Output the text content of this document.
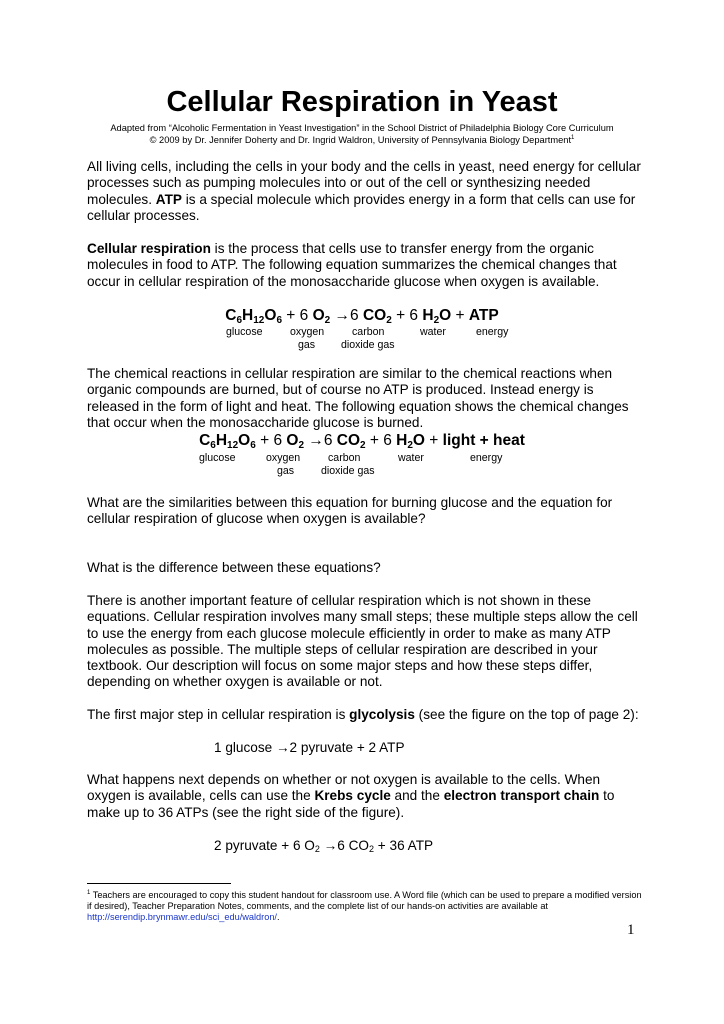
Cellular Respiration in Yeast
Adapted from “Alcoholic Fermentation in Yeast Investigation” in the School District of Philadelphia Biology Core Curriculum
© 2009 by Dr. Jennifer Doherty and Dr. Ingrid Waldron, University of Pennsylvania Biology Department$^1$

All living cells, including the cells in your body and the cells in yeast, need energy for cellular processes such as pumping molecules into or out of the cell or synthesizing needed molecules. ATP is a special molecule which provides energy in a form that cells can use for cellular processes.

Cellular respiration is the process that cells use to transfer energy from the organic molecules in food to ATP. The following equation summarizes the chemical changes that occur in cellular respiration of the monosaccharide glucose when oxygen is available.

$C_6H_{12}O_6 + 6$ $O_2 \to 6$ $CO_2 + 6$ $H_2O$ + ATP
glucose	oxygen
gas
carbon
dioxide gas
water	energy

The chemical reactions in cellular respiration are similar to the chemical reactions when organic compounds are burned, but of course no ATP is produced. Instead energy is released in the form of light and heat. The following equation shows the chemical changes that occur when the monosaccharide glucose is burned.

$C_6H_{12}O_6 + 6$ $O_2 \to 6$ $CO_2 + 6$ $H_2O$ + light + heat
glucose	oxygen
gas
carbon
dioxide gas
water	energy

What are the similarities between this equation for burning glucose and the equation for cellular respiration of glucose when oxygen is available?

What is the difference between these equations?

There is another important feature of cellular respiration which is not shown in these equations. Cellular respiration involves many small steps; these multiple steps allow the cell to use the energy from each glucose molecule efficiently in order to make as many ATP molecules as possible. The multiple steps of cellular respiration are described in your textbook. Our description will focus on some major steps and how these steps differ, depending on whether oxygen is available or not.

The first major step in cellular respiration is glycolysis (see the figure on the top of page 2):

1 glucose →2 pyruvate + 2 ATP

What happens next depends on whether or not oxygen is available to the cells. When oxygen is available, cells can use the Krebs cycle and the electron transport chain to make up to 36 ATPs (see the right side of the figure).

2 pyruvate + 6 $O_2 \to 6$ $CO_2 + 36$ ATP
$^1$ Teachers are encouraged to copy this student handout for classroom use. A Word file (which can be used to prepare a modified version if desired), Teacher Preparation Notes, comments, and the complete list of our hands-on activities are available at http://serendip.brynmawr.edu/sci_edu/waldron/.
1
